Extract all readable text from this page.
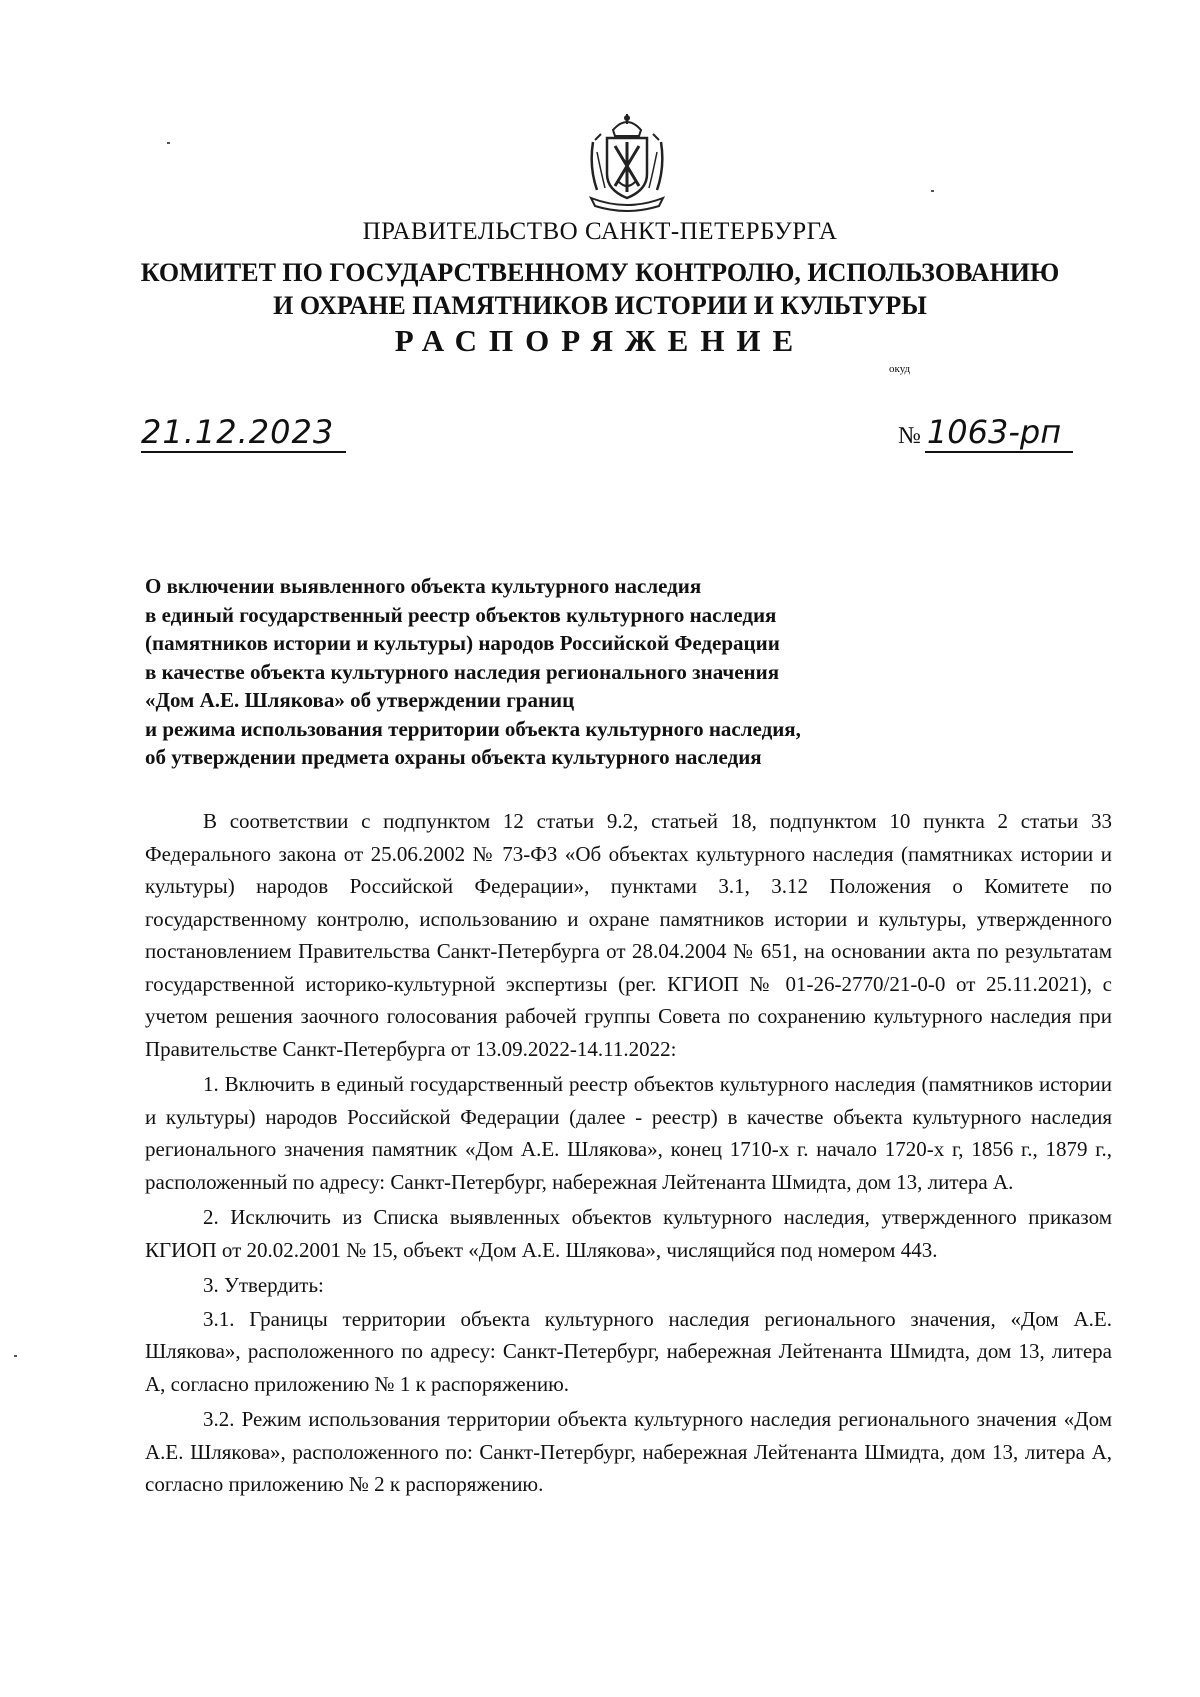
ПРАВИТЕЛЬСТВО САНКТ-ПЕТЕРБУРГА
КОМИТЕТ ПО ГОСУДАРСТВЕННОМУ КОНТРОЛЮ, ИСПОЛЬЗОВАНИЮ
И ОХРАНЕ ПАМЯТНИКОВ ИСТОРИИ И КУЛЬТУРЫ
РАСПОРЯЖЕНИЕ
окуд
21.12.2023	№ 1063-рп
О включении выявленного объекта культурного наследия
в единый государственный реестр объектов культурного наследия
(памятников истории и культуры) народов Российской Федерации
в качестве объекта культурного наследия регионального значения
«Дом А.Е. Шлякова» об утверждении границ
и режима использования территории объекта культурного наследия,
об утверждении предмета охраны объекта культурного наследия

В соответствии с подпунктом 12 статьи 9.2, статьей 18, подпунктом 10 пункта 2 статьи 33 Федерального закона от 25.06.2002 № 73-ФЗ «Об объектах культурного наследия (памятниках истории и культуры) народов Российской Федерации», пунктами 3.1, 3.12 Положения о Комитете по государственному контролю, использованию и охране памятников истории и культуры, утвержденного постановлением Правительства Санкт-Петербурга от 28.04.2004 № 651, на основании акта по результатам государственной историко-культурной экспертизы (рег. КГИОП № 01-26-2770/21-0-0 от 25.11.2021), с учетом решения заочного голосования рабочей группы Совета по сохранению культурного наследия при Правительстве Санкт-Петербурга от 13.09.2022-14.11.2022:

1. Включить в единый государственный реестр объектов культурного наследия (памятников истории и культуры) народов Российской Федерации (далее - реестр) в качестве объекта культурного наследия регионального значения памятник «Дом А.Е. Шлякова», конец 1710-х г. начало 1720-х г, 1856 г., 1879 г., расположенный по адресу: Санкт-Петербург, набережная Лейтенанта Шмидта, дом 13, литера А.

2. Исключить из Списка выявленных объектов культурного наследия, утвержденного приказом КГИОП от 20.02.2001 № 15, объект «Дом А.Е. Шлякова», числящийся под номером 443.

3. Утвердить:

3.1. Границы территории объекта культурного наследия регионального значения, «Дом А.Е. Шлякова», расположенного по адресу: Санкт-Петербург, набережная Лейтенанта Шмидта, дом 13, литера А, согласно приложению № 1 к распоряжению.

3.2. Режим использования территории объекта культурного наследия регионального значения «Дом А.Е. Шлякова», расположенного по: Санкт-Петербург, набережная Лейтенанта Шмидта, дом 13, литера А, согласно приложению № 2 к распоряжению.
